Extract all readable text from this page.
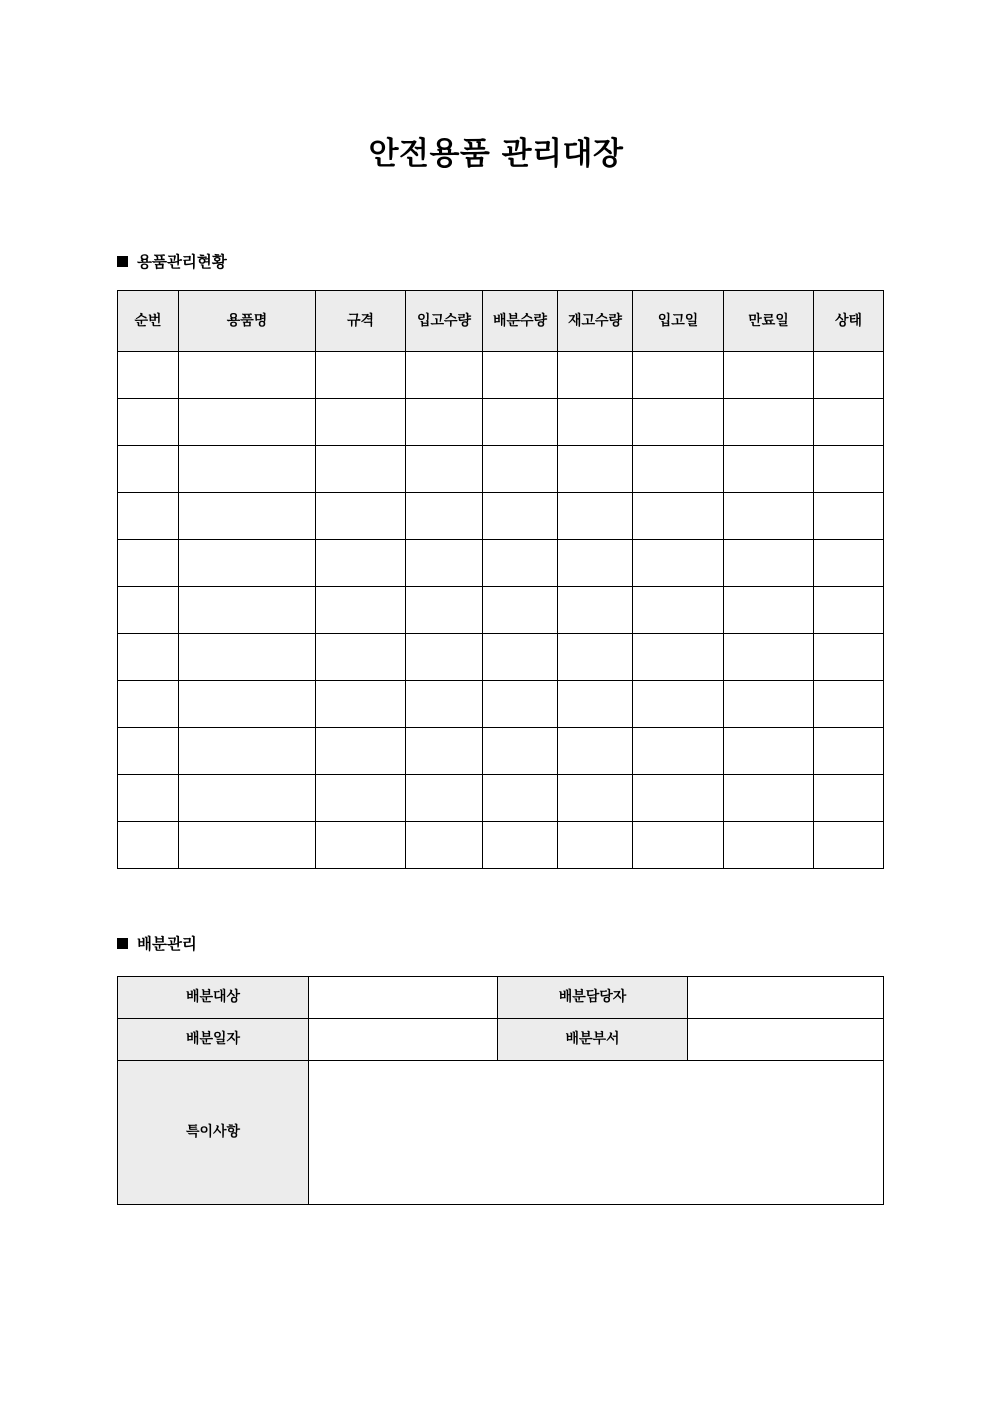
안전용품 관리대장
용품관리현황
순번	용품명	규격	입고수량	배분수량	재고수량	입고일	만료일	상태

배분관리
배분대상		배분담당자	
배분일자		배분부서	
특이사항			
